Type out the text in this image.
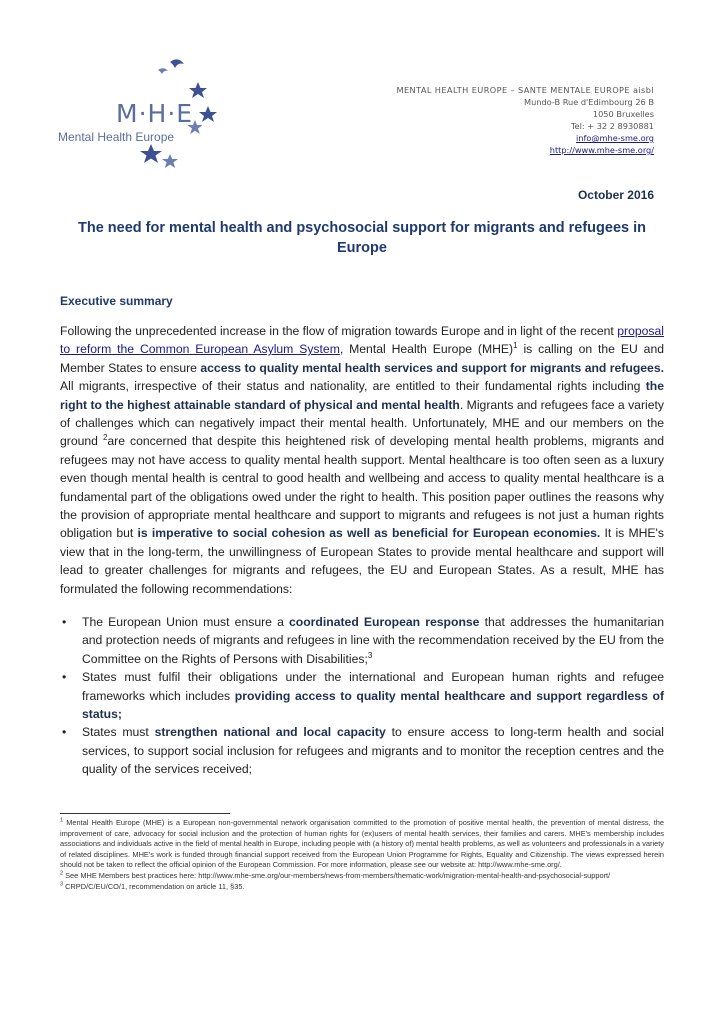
M·H·E
Mental Health Europe
MENTAL HEALTH EUROPE – SANTE MENTALE EUROPE aisbl
Mundo-B Rue d'Edimbourg 26 B
1050 Bruxelles
Tel: + 32 2 8930881
info@mhe-sme.org
http://www.mhe-sme.org/
October 2016
The need for mental health and psychosocial support for migrants and refugees in Europe
Executive summary
Following the unprecedented increase in the flow of migration towards Europe and in light of the recent proposal to reform the Common European Asylum System, Mental Health Europe (MHE)$^1$ is calling on the EU and Member States to ensure access to quality mental health services and support for migrants and refugees. All migrants, irrespective of their status and nationality, are entitled to their fundamental rights including the right to the highest attainable standard of physical and mental health. Migrants and refugees face a variety of challenges which can negatively impact their mental health. Unfortunately, MHE and our members on the ground $^2$are concerned that despite this heightened risk of developing mental health problems, migrants and refugees may not have access to quality mental health support. Mental healthcare is too often seen as a luxury even though mental health is central to good health and wellbeing and access to quality mental healthcare is a fundamental part of the obligations owed under the right to health. This position paper outlines the reasons why the provision of appropriate mental healthcare and support to migrants and refugees is not just a human rights obligation but is imperative to social cohesion as well as beneficial for European economies. It is MHE's view that in the long-term, the unwillingness of European States to provide mental healthcare and support will lead to greater challenges for migrants and refugees, the EU and European States. As a result, MHE has formulated the following recommendations:
• The European Union must ensure a coordinated European response that addresses the humanitarian and protection needs of migrants and refugees in line with the recommendation received by the EU from the Committee on the Rights of Persons with Disabilities;$^3$
• States must fulfil their obligations under the international and European human rights and refugee frameworks which includes providing access to quality mental healthcare and support regardless of status;
• States must strengthen national and local capacity to ensure access to long-term health and social services, to support social inclusion for refugees and migrants and to monitor the reception centres and the quality of the services received;

$^1$ Mental Health Europe (MHE) is a European non-governmental network organisation committed to the promotion of positive mental health, the prevention of mental distress, the improvement of care, advocacy for social inclusion and the protection of human rights for (ex)users of mental health services, their families and carers. MHE's membership includes associations and individuals active in the field of mental health in Europe, including people with (a history of) mental health problems, as well as volunteers and professionals in a variety of related disciplines. MHE's work is funded through financial support received from the European Union Programme for Rights, Equality and Citizenship. The views expressed herein should not be taken to reflect the official opinion of the European Commission. For more information, please see our website at: http://www.mhe-sme.org/.

$^2$ See MHE Members best practices here: http://www.mhe-sme.org/our-members/news-from-members/thematic-work/migration-mental-health-and-psychosocial-support/

$^3$ CRPD/C/EU/CO/1, recommendation on article 11, §35.
